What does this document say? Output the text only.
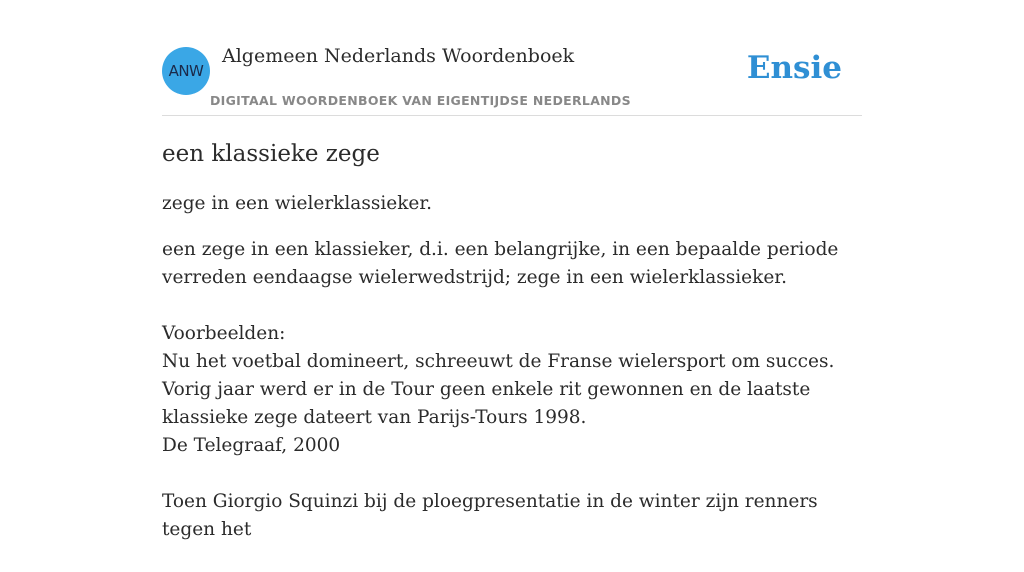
ANW
Algemeen Nederlands Woordenboek
DIGITAAL WOORDENBOEK VAN EIGENTIJDSE NEDERLANDS
Ensie
een klassieke zege

zege in een wielerklassieker.

een zege in een klassieker, d.i. een belangrijke, in een bepaalde periode verreden eendaagse wielerwedstrijd; zege in een wielerklassieker.

Voorbeelden:
Nu het voetbal domineert, schreeuwt de Franse wielersport om succes. Vorig jaar werd er in de Tour geen enkele rit gewonnen en de laatste klassieke zege dateert van Parijs-Tours 1998.
De Telegraaf, 2000
Toen Giorgio Squinzi bij de ploegpresentatie in de winter zijn renners tegen het
